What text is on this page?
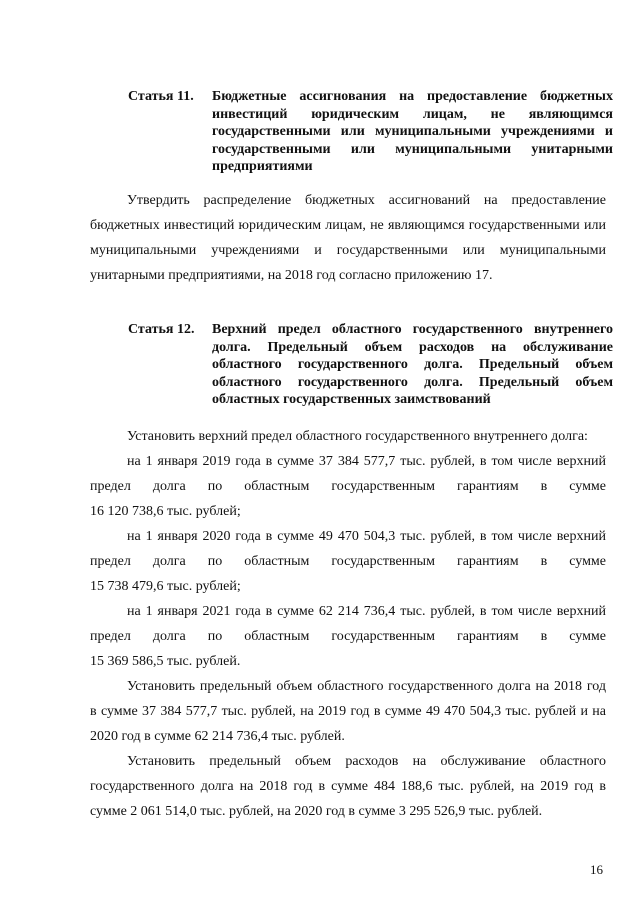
Статья 11.	Бюджетные ассигнования на предоставление бюджетных
инвестиций юридическим лицам, не являющимся
государственными или муниципальными учреждениями и
государственными или муниципальными унитарными
предприятиями
Утвердить распределение бюджетных ассигнований на предоставление
бюджетных инвестиций юридическим лицам, не являющимся государственными или
муниципальными учреждениями и государственными или муниципальными
унитарными предприятиями, на 2018 год согласно приложению 17.
Статья 12.	Верхний предел областного государственного внутреннего
долга. Предельный объем расходов на обслуживание
областного государственного долга. Предельный объем
областного государственного долга. Предельный объем
областных государственных заимствований
Установить верхний предел областного государственного внутреннего долга:
на 1 января 2019 года в сумме 37 384 577,7 тыс. рублей, в том числе верхний
предел долга по областным государственным гарантиям в сумме
16 120 738,6 тыс. рублей;
на 1 января 2020 года в сумме 49 470 504,3 тыс. рублей, в том числе верхний
предел долга по областным государственным гарантиям в сумме
15 738 479,6 тыс. рублей;
на 1 января 2021 года в сумме 62 214 736,4 тыс. рублей, в том числе верхний
предел долга по областным государственным гарантиям в сумме
15 369 586,5 тыс. рублей.
Установить предельный объем областного государственного долга на 2018 год
в сумме 37 384 577,7 тыс. рублей, на 2019 год в сумме 49 470 504,3 тыс. рублей и на
2020 год в сумме 62 214 736,4 тыс. рублей.
Установить предельный объем расходов на обслуживание областного
государственного долга на 2018 год в сумме 484 188,6 тыс. рублей, на 2019 год в
сумме 2 061 514,0 тыс. рублей, на 2020 год в сумме 3 295 526,9 тыс. рублей.
16
